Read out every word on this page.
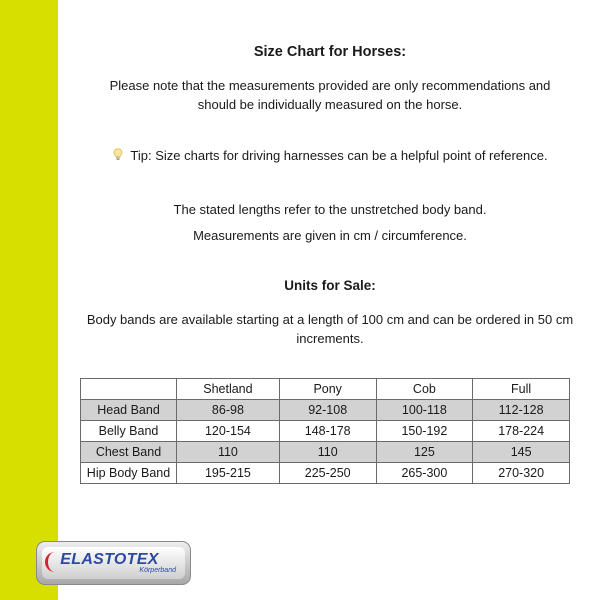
Size Chart for Horses:

Please note that the measurements provided are only recommendations and should be individually measured on the horse.

Tip: Size charts for driving harnesses can be a helpful point of reference.

The stated lengths refer to the unstretched body band.

Measurements are given in cm / circumference.

Units for Sale:

Body bands are available starting at a length of 100 cm and can be ordered in 50 cm increments.

	Shetland	Pony	Cob	Full
Head Band	86-98	92-108	100-118	112-128
Belly Band	120-154	148-178	150-192	178-224
Chest Band	110	110	125	145
Hip Body Band	195-215	225-250	265-300	270-320
ELASTOTEX
Körperband
